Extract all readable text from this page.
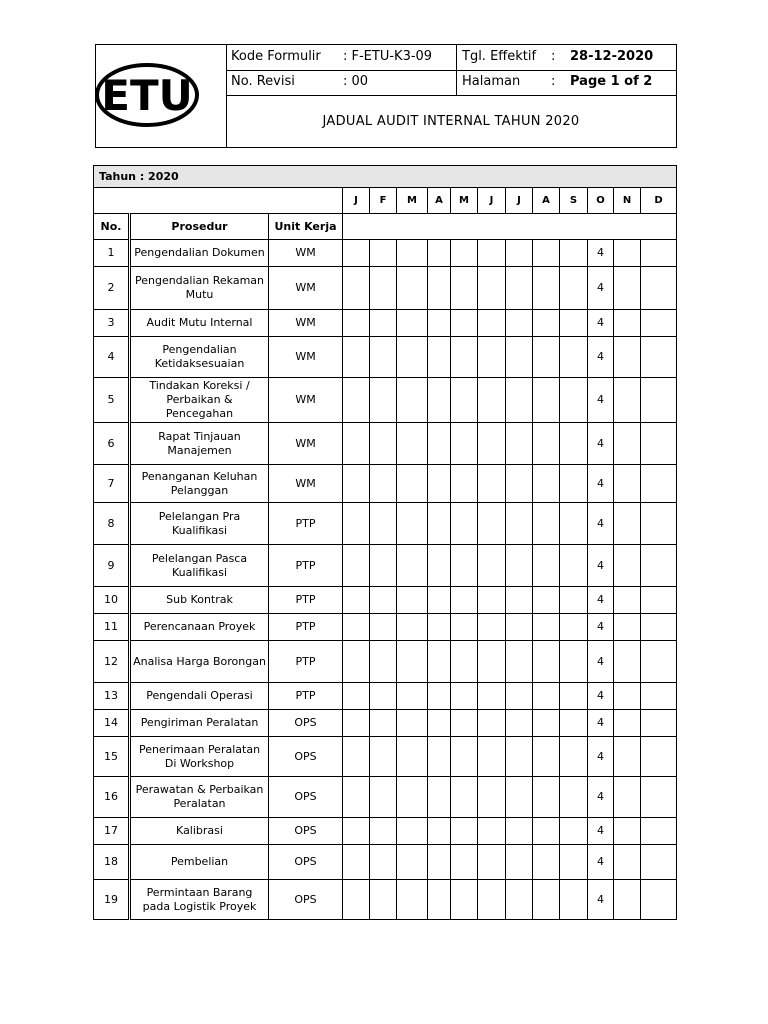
ETU
Kode Formulir : F-ETU-K3-09 Tgl. Effektif : 28-12-2020
No. Revisi	: 00	Halaman : Page 1 of 2
JADUAL AUDIT INTERNAL TAHUN 2020
Tahun : 2020														
			J	F	M	A	M	J	J	A	S	O	N	D
No.	Prosedur	Unit Kerja												
1	Pengendalian Dokumen	WM										4		
2	Pengendalian Rekaman Mutu	WM										4		
3	Audit Mutu Internal	WM										4		
4	Pengendalian Ketidaksesuaian	WM										4		
5	Tindakan Koreksi / Perbaikan & Pencegahan	WM										4		
6	Rapat Tinjauan Manajemen	WM										4		
7	Penanganan Keluhan Pelanggan	WM										4		
8	Pelelangan Pra Kualifikasi	PTP										4		
9	Pelelangan Pasca Kualifikasi	PTP										4		
10	Sub Kontrak	PTP										4		
11	Perencanaan Proyek	PTP										4		
12	Analisa Harga Borongan	PTP										4		
13	Pengendali Operasi	PTP										4		
14	Pengiriman Peralatan	OPS										4		
15	Penerimaan Peralatan Di Workshop	OPS										4		
16	Perawatan & Perbaikan Peralatan	OPS										4		
17	Kalibrasi	OPS										4		
18	Pembelian	OPS										4		
19	Permintaan Barang pada Logistik Proyek	OPS										4		
